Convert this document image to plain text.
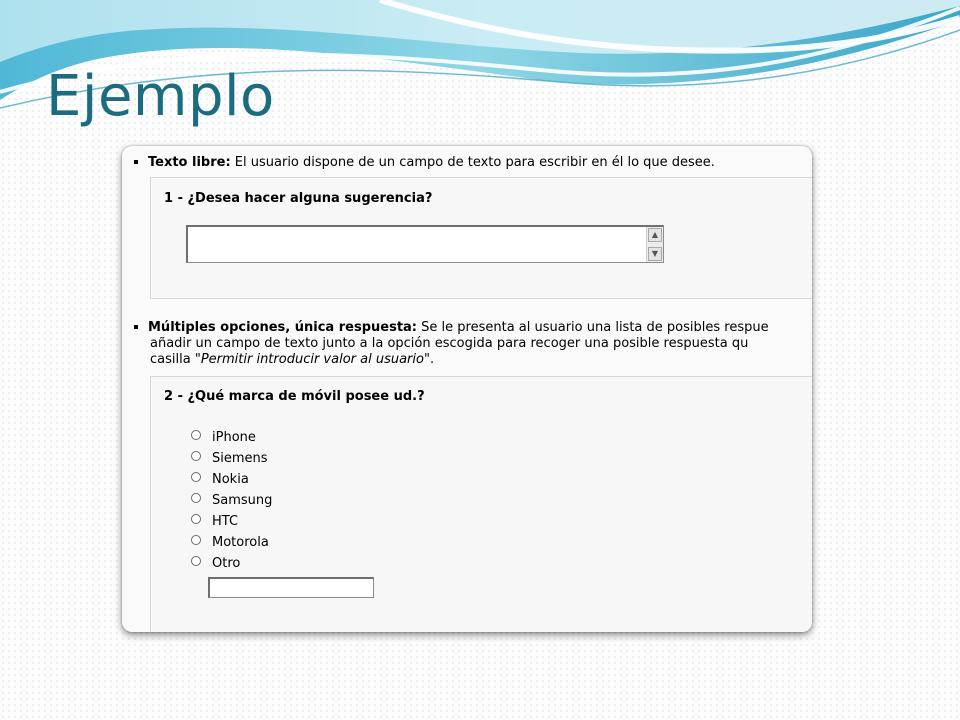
Ejemplo
Texto libre: El usuario dispone de un campo de texto para escribir en él lo que desee.
1 - ¿Desea hacer alguna sugerencia?
▲
▼
Múltiples opciones, única respuesta: Se le presenta al usuario una lista de posibles respue
añadir un campo de texto junto a la opción escogida para recoger una posible respuesta qu
casilla "Permitir introducir valor al usuario".
2 - ¿Qué marca de móvil posee ud.?
iPhone
Siemens
Nokia
Samsung
HTC
Motorola
Otro
